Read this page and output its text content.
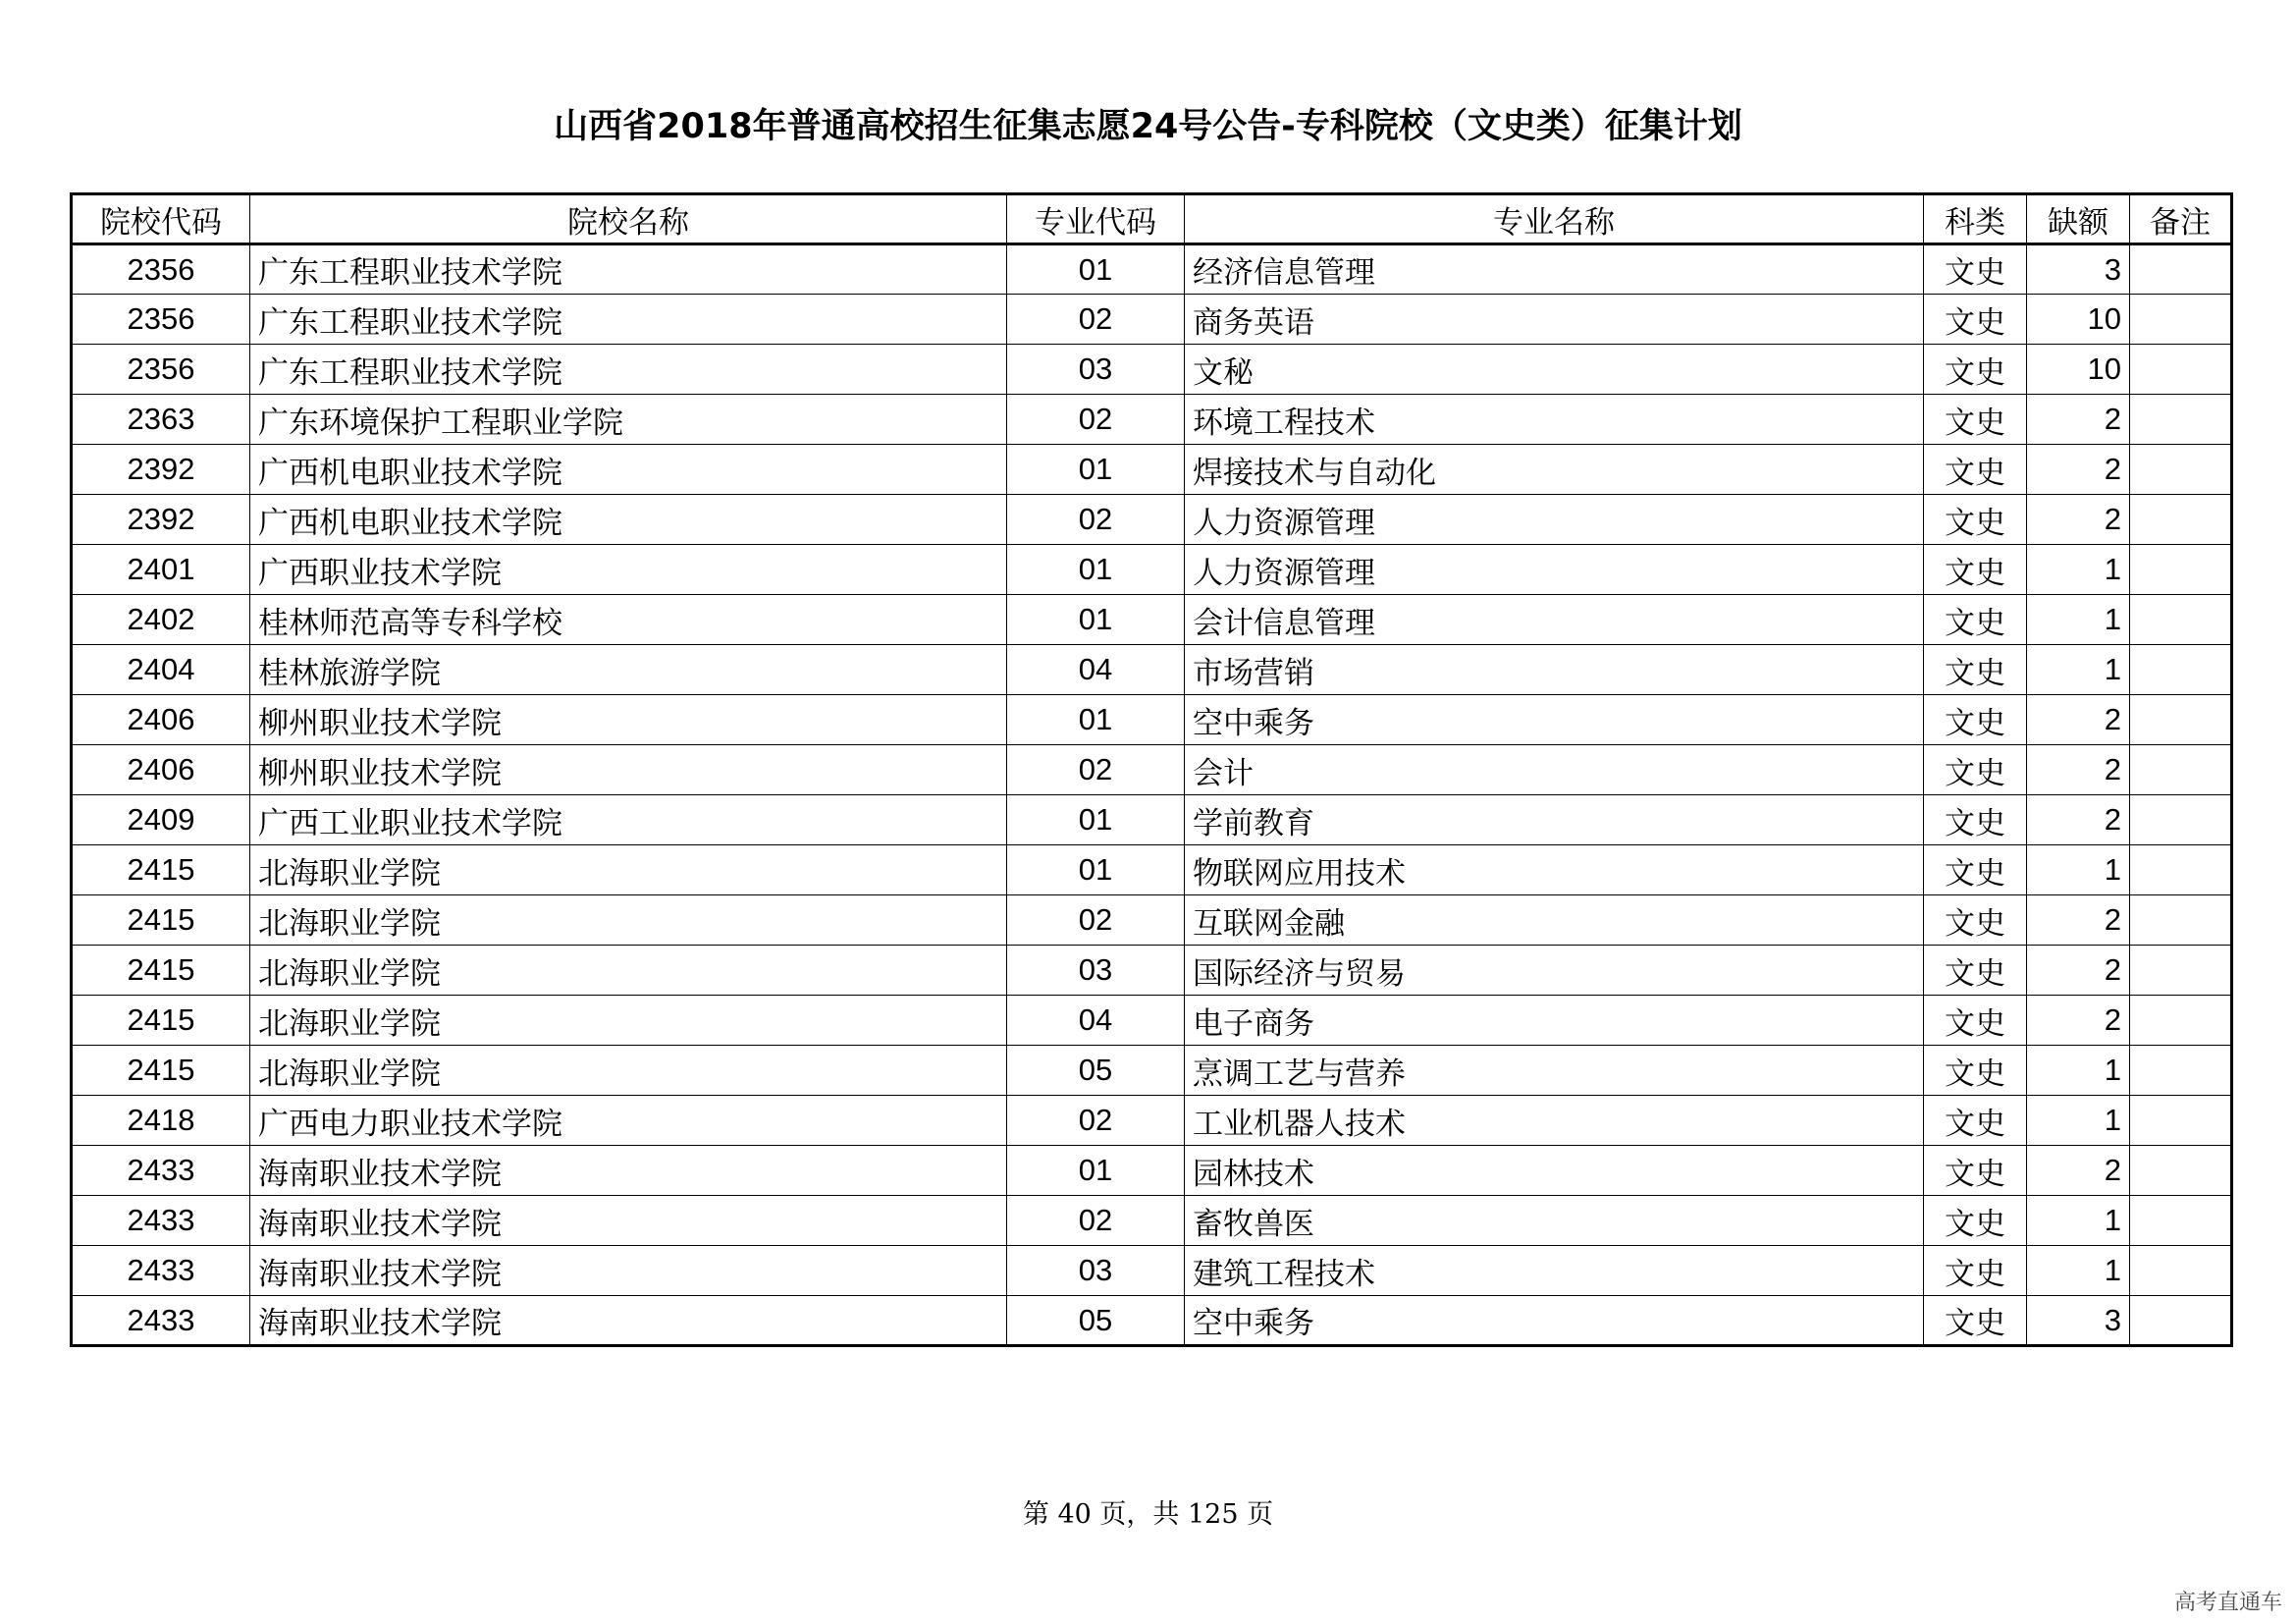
山西省2018年普通高校招生征集志愿24号公告-专科院校（文史类）征集计划
院校代码	院校名称	专业代码	专业名称	科类	缺额	备注
2356	广东工程职业技术学院	01	经济信息管理	文史	3	
2356	广东工程职业技术学院	02	商务英语	文史	10	
2356	广东工程职业技术学院	03	文秘	文史	10	
2363	广东环境保护工程职业学院	02	环境工程技术	文史	2	
2392	广西机电职业技术学院	01	焊接技术与自动化	文史	2	
2392	广西机电职业技术学院	02	人力资源管理	文史	2	
2401	广西职业技术学院	01	人力资源管理	文史	1	
2402	桂林师范高等专科学校	01	会计信息管理	文史	1	
2404	桂林旅游学院	04	市场营销	文史	1	
2406	柳州职业技术学院	01	空中乘务	文史	2	
2406	柳州职业技术学院	02	会计	文史	2	
2409	广西工业职业技术学院	01	学前教育	文史	2	
2415	北海职业学院	01	物联网应用技术	文史	1	
2415	北海职业学院	02	互联网金融	文史	2	
2415	北海职业学院	03	国际经济与贸易	文史	2	
2415	北海职业学院	04	电子商务	文史	2	
2415	北海职业学院	05	烹调工艺与营养	文史	1	
2418	广西电力职业技术学院	02	工业机器人技术	文史	1	
2433	海南职业技术学院	01	园林技术	文史	2	
2433	海南职业技术学院	02	畜牧兽医	文史	1	
2433	海南职业技术学院	03	建筑工程技术	文史	1	
2433	海南职业技术学院	05	空中乘务	文史	3	
第 40 页，共 125 页
高考直通车
